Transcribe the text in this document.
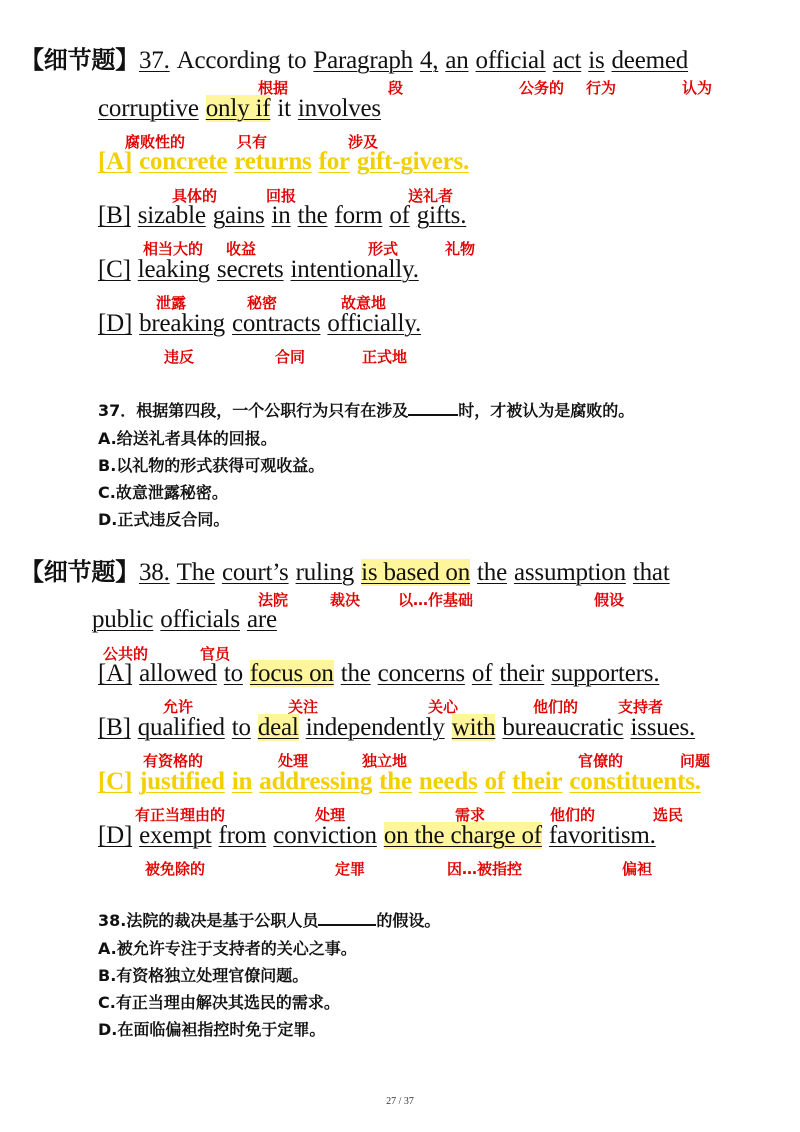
【细节题】37. According to Paragraph 4, an official act is deemed
corruptive only if it involves
[A] concrete returns for gift-givers.
[B] sizable gains in the form of gifts.
[C] leaking secrets intentionally.
[D] breaking contracts officially.
根据	段	公务的 行为	认为
腐败性的	只有	涉及
具体的	回报	送礼者
相当大的 收益	形式	礼物
泄露	秘密	故意地
违反	合同	正式地
37．根据第四段，一个公职行为只有在涉及	时，才被认为是腐败的。
A.给送礼者具体的回报。
B.以礼物的形式获得可观收益。
C.故意泄露秘密。
D.正式违反合同。
【细节题】38. The court’s ruling is based on the assumption that
public officials are
[A] allowed to focus on the concerns of their supporters.
[B] qualified to deal independently with bureaucratic issues.
[C] justified in addressing the needs of their constituents.
[D] exempt from conviction on the charge of favoritism.
法院	裁决	以…作基础	假设
公共的	官员
允许	关注	关心	他们的	支持者
有资格的	处理	独立地	官僚的	问题
有正当理由的	处理	需求	他们的	选民
被免除的	定罪	因…被指控	偏袒
38.法院的裁决是基于公职人员	的假设。
A.被允许专注于支持者的关心之事。
B.有资格独立处理官僚问题。
C.有正当理由解决其选民的需求。
D.在面临偏袒指控时免于定罪。
27 / 37
